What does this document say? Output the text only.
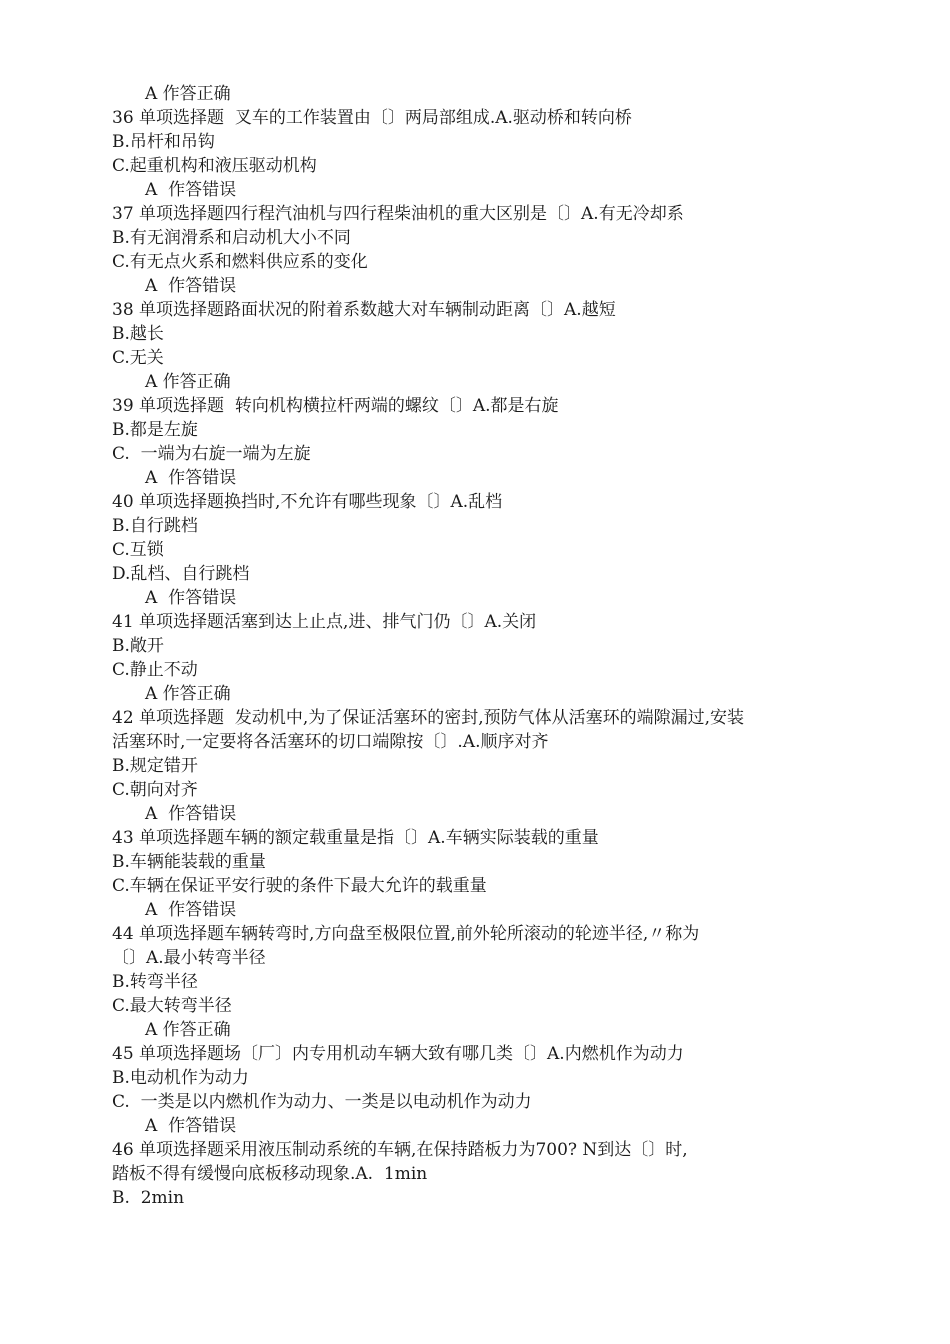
A 作答正确
36 单项选择题  叉车的工作装置由〔〕两局部组成.A.驱动桥和转向桥
B.吊杆和吊钩
C.起重机构和液压驱动机构
A  作答错误
37 单项选择题四行程汽油机与四行程柴油机的重大区别是〔〕A.有无冷却系
B.有无润滑系和启动机大小不同
C.有无点火系和燃料供应系的变化
A  作答错误
38 单项选择题路面状况的附着系数越大对车辆制动距离〔〕A.越短
B.越长
C.无关
A 作答正确
39 单项选择题  转向机构横拉杆两端的螺纹〔〕A.都是右旋
B.都是左旋
C.  一端为右旋一端为左旋
A  作答错误
40 单项选择题换挡时,不允许有哪些现象〔〕A.乱档
B.自行跳档
C.互锁
D.乱档、自行跳档
A  作答错误
41 单项选择题活塞到达上止点,进、排气门仍〔〕A.关闭
B.敞开
C.静止不动
A 作答正确
42 单项选择题  发动机中,为了保证活塞环的密封,预防气体从活塞环的端隙漏过,安装
活塞环时,一定要将各活塞环的切口端隙按〔〕.A.顺序对齐
B.规定错开
C.朝向对齐
A  作答错误
43 单项选择题车辆的额定载重量是指〔〕A.车辆实际装载的重量
B.车辆能装载的重量
C.车辆在保证平安行驶的条件下最大允许的载重量
A  作答错误
44 单项选择题车辆转弯时,方向盘至极限位置,前外轮所滚动的轮迹半径,〃称为
〔〕A.最小转弯半径
B.转弯半径
C.最大转弯半径
A 作答正确
45 单项选择题场〔厂〕内专用机动车辆大致有哪几类〔〕A.内燃机作为动力
B.电动机作为动力
C.  一类是以内燃机作为动力、一类是以电动机作为动力
A  作答错误
46 单项选择题采用液压制动系统的车辆,在保持踏板力为700? N到达〔〕时,
踏板不得有缓慢向底板移动现象.A.  1min
B.  2min
